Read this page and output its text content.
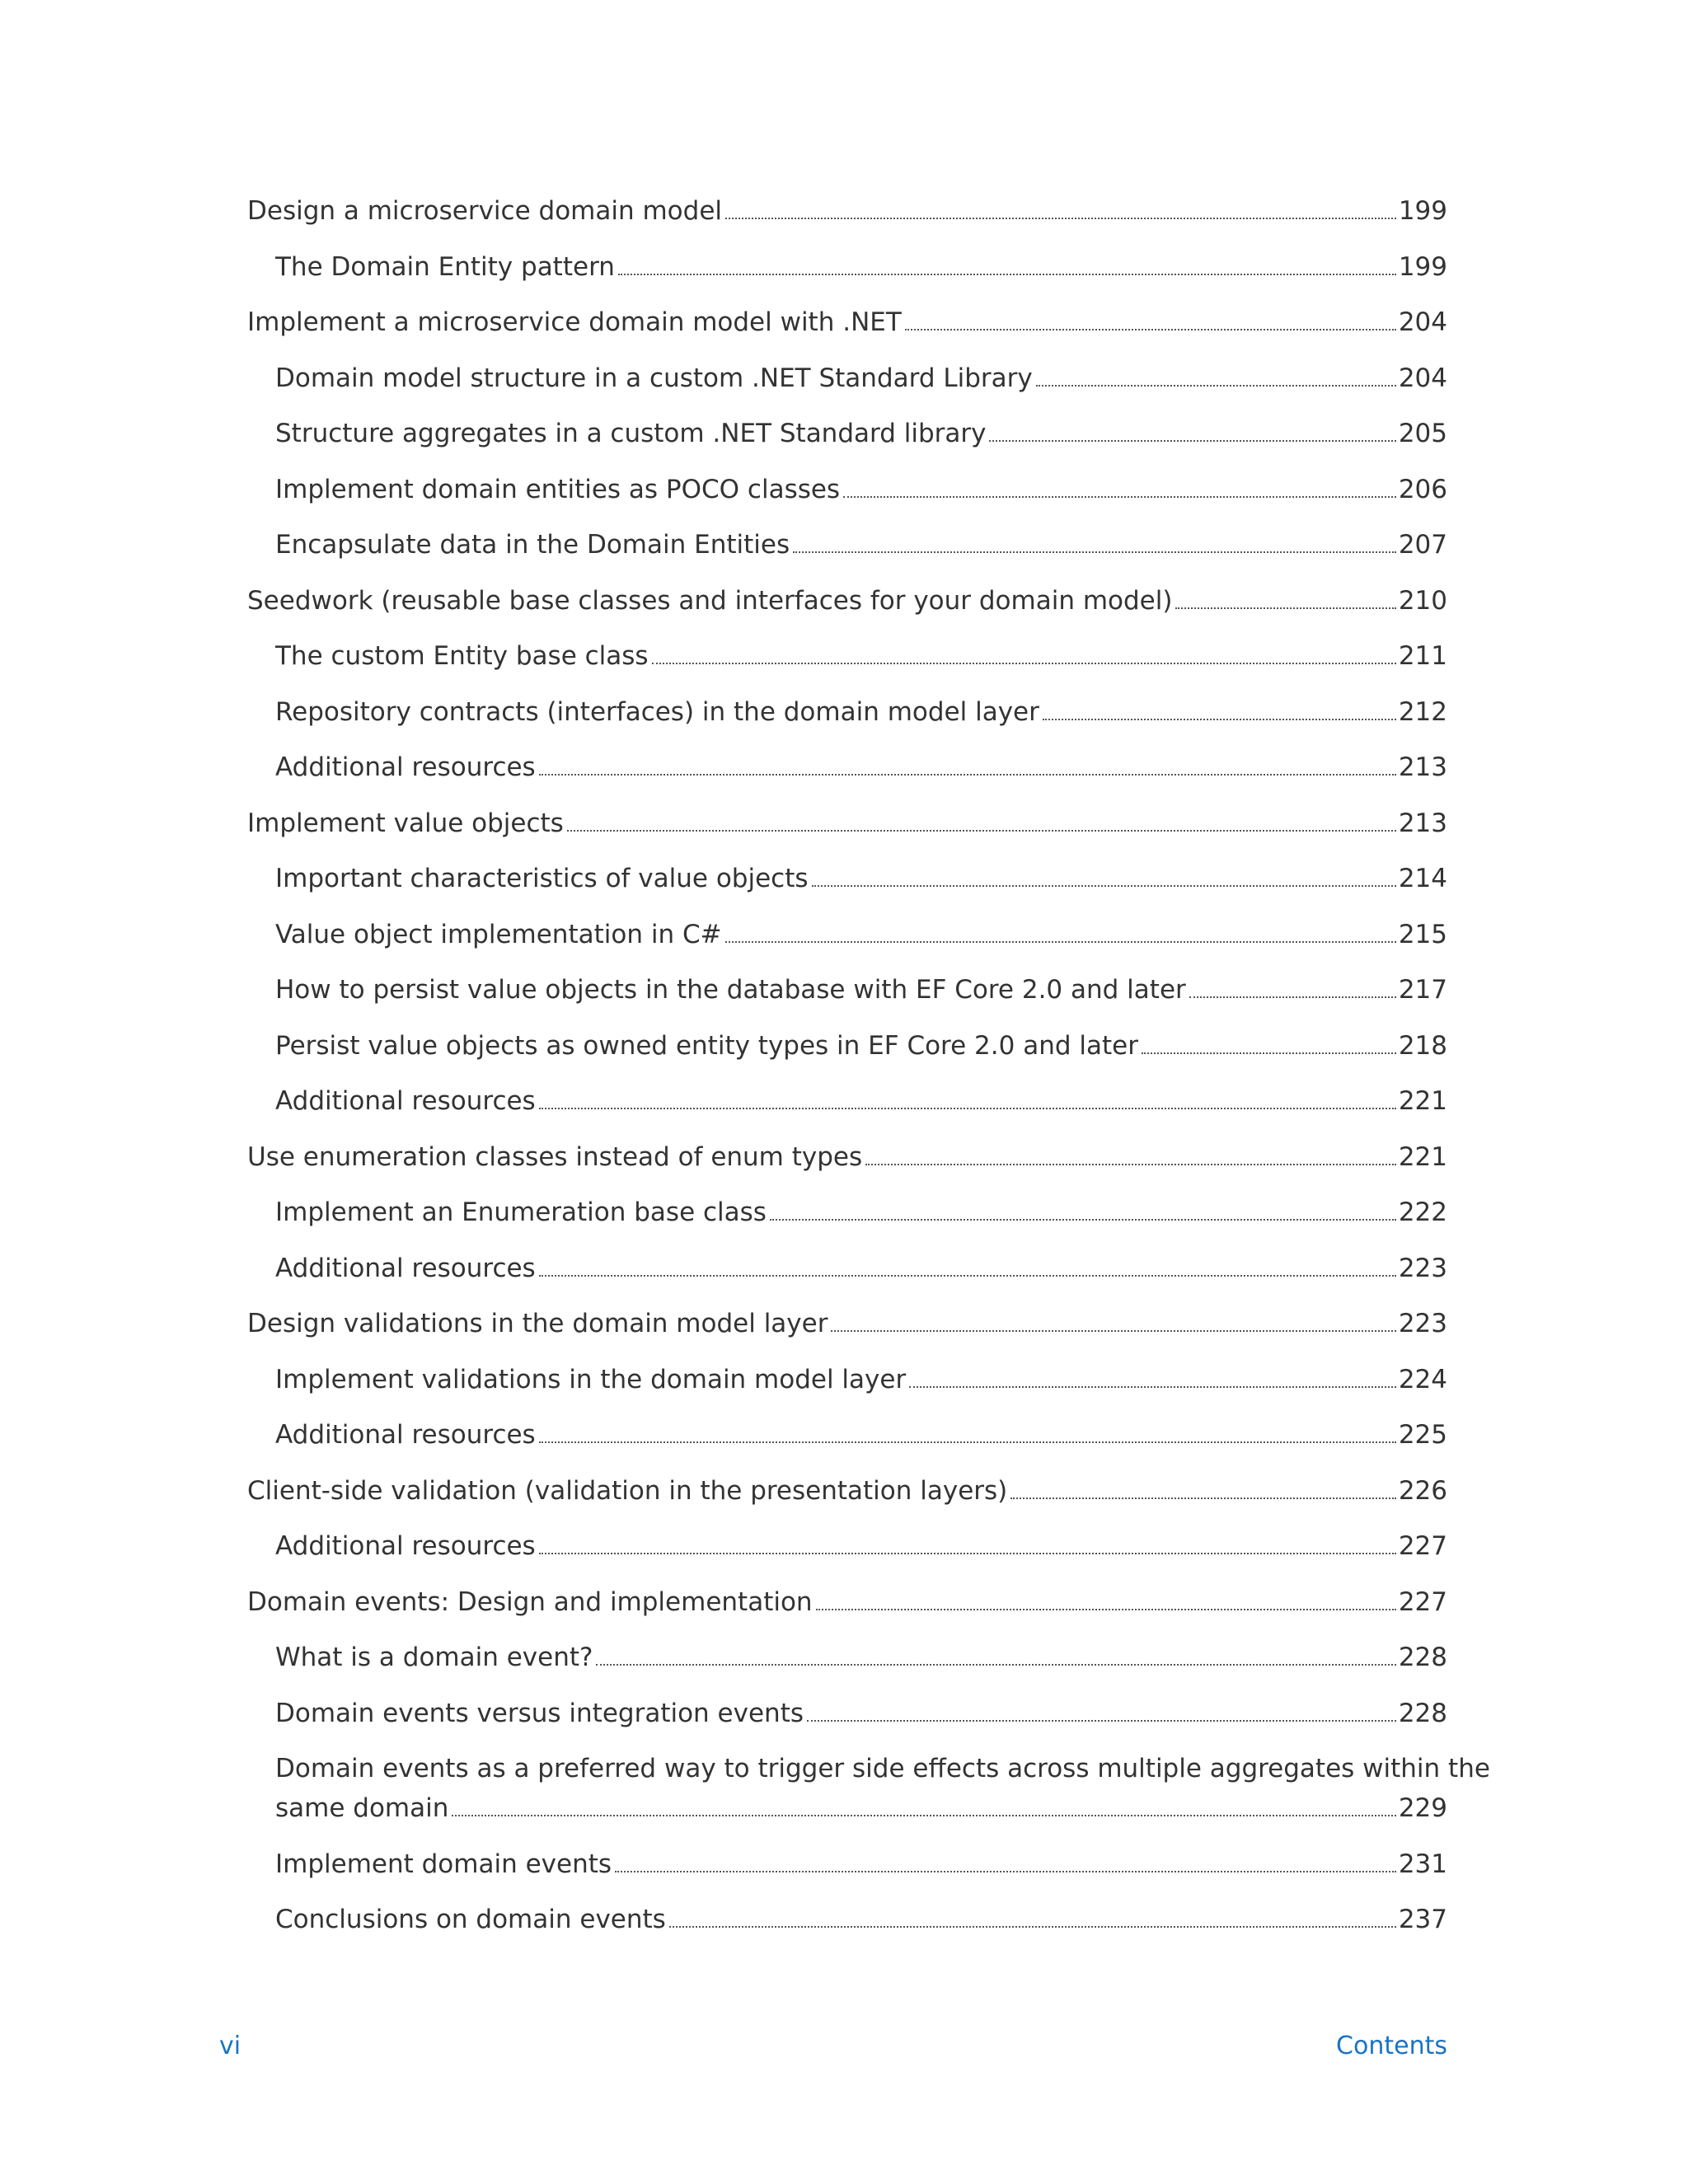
Design a microservice domain model	199
The Domain Entity pattern	199
Implement a microservice domain model with .NET	204
Domain model structure in a custom .NET Standard Library	204
Structure aggregates in a custom .NET Standard library	205
Implement domain entities as POCO classes	206
Encapsulate data in the Domain Entities	207
Seedwork (reusable base classes and interfaces for your domain model)	210
The custom Entity base class	211
Repository contracts (interfaces) in the domain model layer	212
Additional resources	213
Implement value objects	213
Important characteristics of value objects	214
Value object implementation in C#	215
How to persist value objects in the database with EF Core 2.0 and later	217
Persist value objects as owned entity types in EF Core 2.0 and later	218
Additional resources	221
Use enumeration classes instead of enum types	221
Implement an Enumeration base class	222
Additional resources	223
Design validations in the domain model layer	223
Implement validations in the domain model layer	224
Additional resources	225
Client-side validation (validation in the presentation layers)	226
Additional resources	227
Domain events: Design and implementation	227
What is a domain event?	228
Domain events versus integration events	228
Domain events as a preferred way to trigger side effects across multiple aggregates within the
same domain	229
Implement domain events	231
Conclusions on domain events	237
vi	Contents
